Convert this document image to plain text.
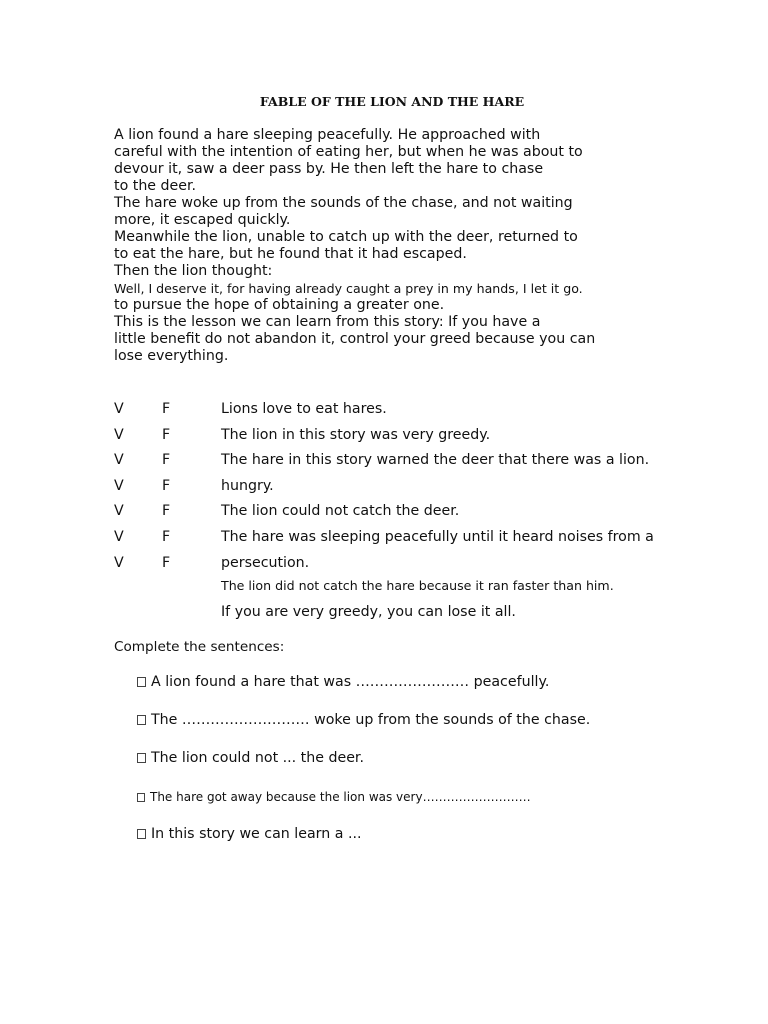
FABLE OF THE LION AND THE HARE
A lion found a hare sleeping peacefully. He approached with
careful with the intention of eating her, but when he was about to
devour it, saw a deer pass by. He then left the hare to chase
to the deer.
The hare woke up from the sounds of the chase, and not waiting
more, it escaped quickly.
Meanwhile the lion, unable to catch up with the deer, returned to
to eat the hare, but he found that it had escaped.
Then the lion thought:
Well, I deserve it, for having already caught a prey in my hands, I let it go.
to pursue the hope of obtaining a greater one.
This is the lesson we can learn from this story: If you have a
little benefit do not abandon it, control your greed because you can
lose everything.
V	F	Lions love to eat hares.
V	F	The lion in this story was very greedy.
V	F	The hare in this story warned the deer that there was a lion.
V	F	hungry.
V	F	The lion could not catch the deer.
V	F	The hare was sleeping peacefully until it heard noises from a
V	F	persecution.
The lion did not catch the hare because it ran faster than him.
If you are very greedy, you can lose it all.
Complete the sentences:
A lion found a hare that was …………………… peacefully.
The ……………………… woke up from the sounds of the chase.
The lion could not ... the deer.
The hare got away because the lion was very………………………
In this story we can learn a ...
